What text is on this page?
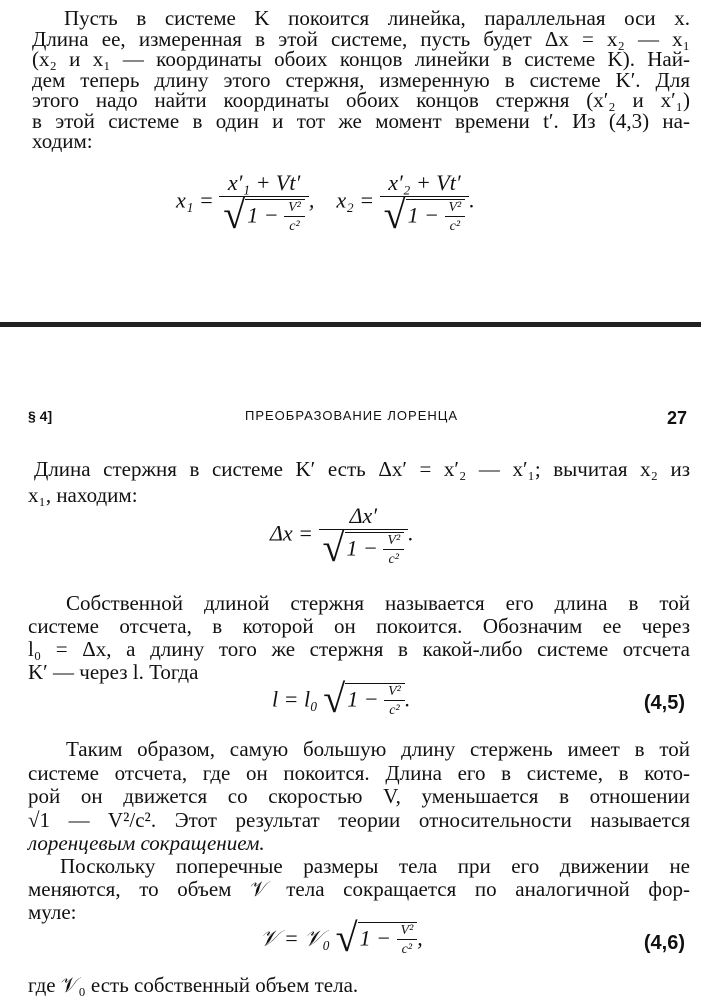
Пусть в системе K покоится линейка, параллельная оси x.
Длина ее, измеренная в этой системе, пусть будет Δx = x₂ — x₁
(x₂ и x₁ — координаты обоих концов линейки в системе K). Най-
дем теперь длину этого стержня, измеренную в системе K′. Для
этого надо найти координаты обоих концов стержня (x′₂ и x′₁)
в этой системе в один и тот же момент времени t′. Из (4,3) на-
ходим:
$x_1 = \frac{\text{x′₁ + Vt′}}{√ 1 - \frac{\text{V²}}{\text{c²}}}$ , $x_2 = \frac{\text{x′₂ + Vt′}}{√ 1 - \frac{\text{V²}}{\text{c²}}}$ .
§ 4]	ПРЕОБРАЗОВАНИЕ ЛОРЕНЦА	27
Длина стержня в системе K′ есть Δx′ = x′₂ — x′₁; вычитая x₂ из
x₁, находим:
$\Delta x = \frac{\Delta x'}{√ 1 - \frac{\text{V²}}{\text{c²}}}$ .
Собственной длиной стержня называется его длина в той
системе отсчета, в которой он покоится. Обозначим ее через
l₀ = Δx, а длину того же стержня в какой-либо системе отсчета
K′ — через l. Тогда
l = l₀ √ $1 - \frac{\text{V²}}{\text{c²}}$ .	(4,5)
Таким образом, самую большую длину стержень имеет в той
системе отсчета, где он покоится. Длина его в системе, в кото-
рой он движется со скоростью V, уменьшается в отношении
√1 — V²/c². Этот результат теории относительности называется
лоренцевым сокращением.
Поскольку поперечные размеры тела при его движении не
меняются, то объем 𝒱 тела сокращается по аналогичной фор-
муле:
𝒱 = 𝒱₀ √ $1 - \frac{\text{V²}}{\text{c²}}$ ,	(4,6)
где 𝒱₀ есть собственный объем тела.
